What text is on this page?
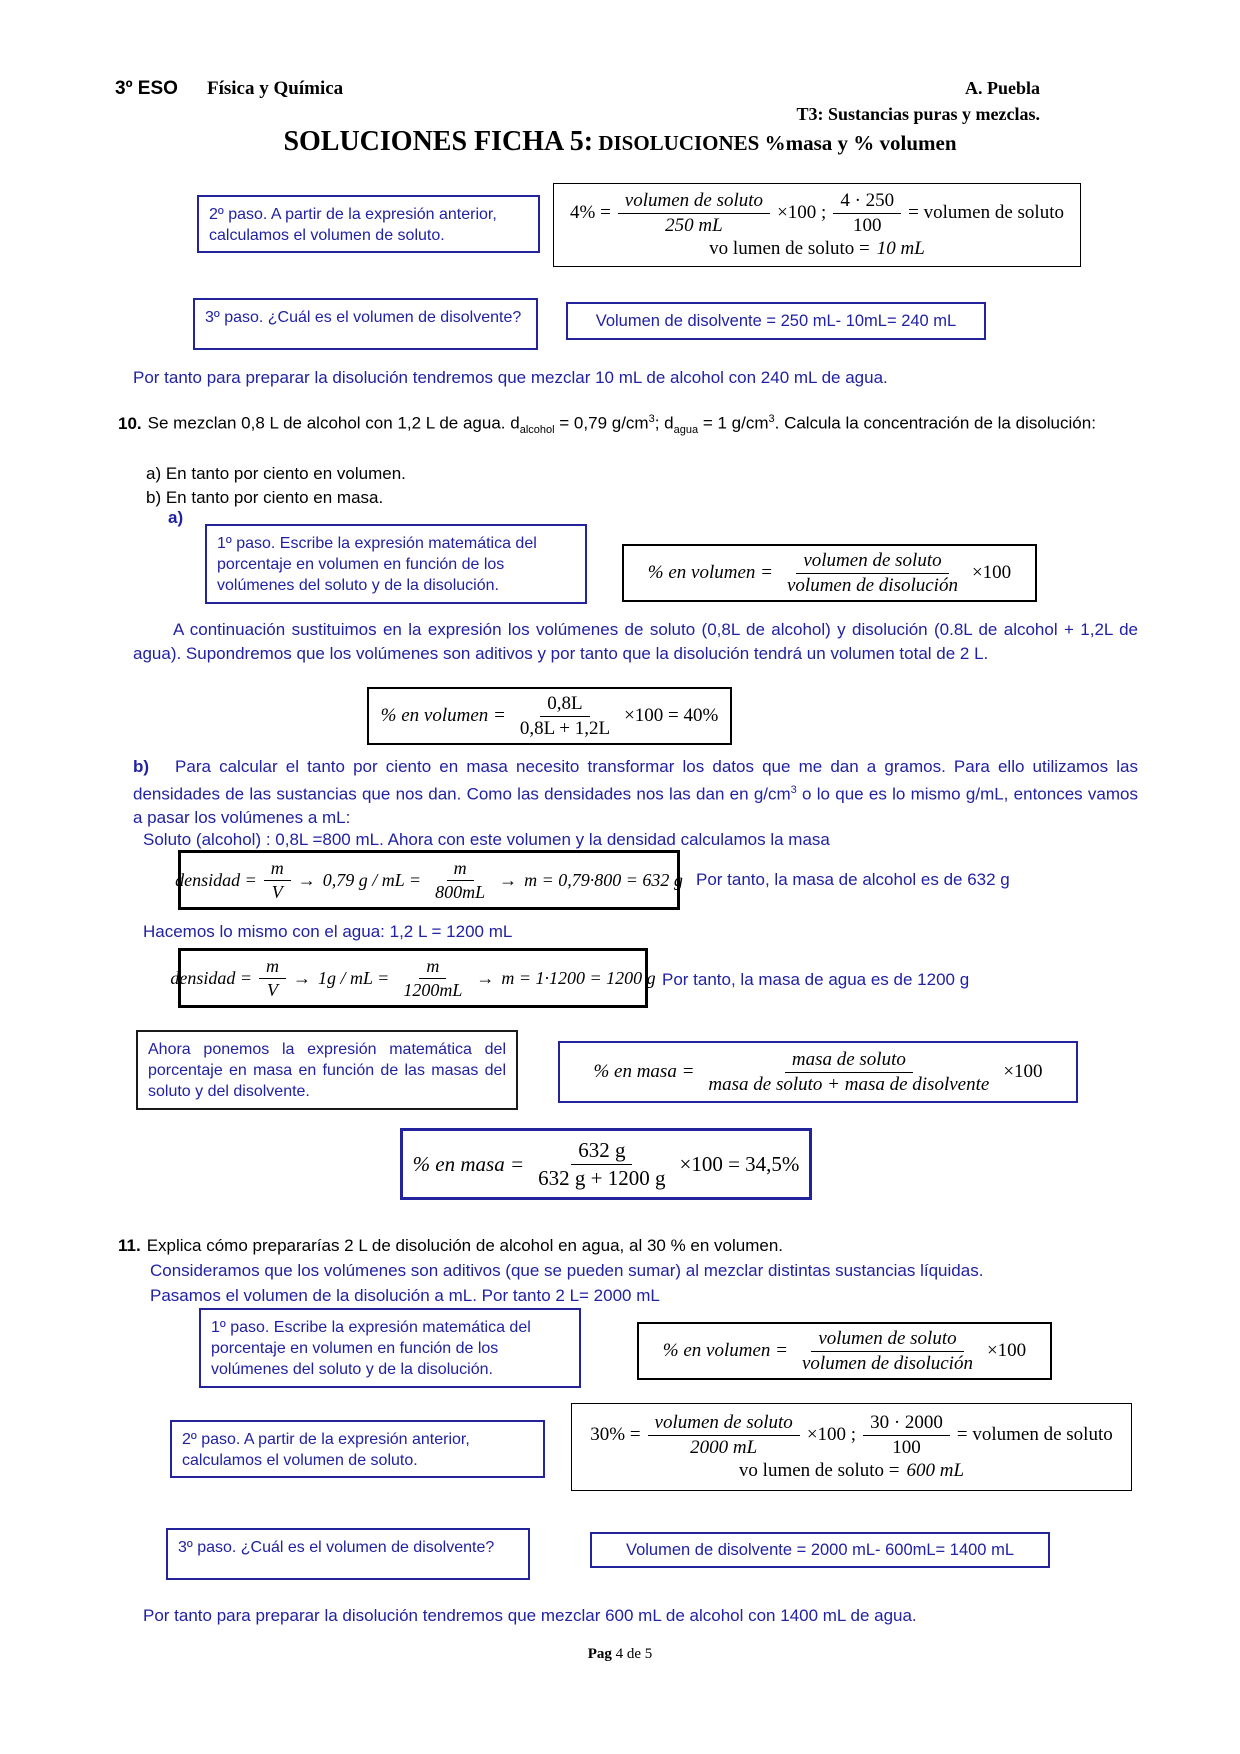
3º ESO Física y Química	A. Puebla
T3: Sustancias puras y mezclas.
SOLUCIONES FICHA 5: DISOLUCIONES %masa y % volumen
2º paso. A partir de la expresión anterior, calculamos el volumen de soluto.
$4\% = \frac{\text{volumen de soluto}}{250 mL} \times 100$ ; $\frac{4 \cdot 250}{100}$ = volumen de soluto
vo lumen de soluto = 10 mL
3º paso. ¿Cuál es el volumen de disolvente?	Volumen de disolvente = 250 mL- 10mL= 240 mL

Por tanto para preparar la disolución tendremos que mezclar 10 mL de alcohol con 240 mL de agua.

10. Se mezclan 0,8 L de alcohol con 1,2 L de agua. $d_{alcohol} = 0,79$ $g/cm^3$; $d_{agua} = 1$ $g/cm^3$. Calcula la concentración de la disolución:

a) En tanto por ciento en volumen.

b) En tanto por ciento en masa.

a)
1º paso. Escribe la expresión matemática del porcentaje en volumen en función de los volúmenes del soluto y de la disolución.
% en volumen = $\frac{\text{volumen de soluto}}{\text{volumen de disolución}} \times 100$

A continuación sustituimos en la expresión los volúmenes de soluto (0,8L de alcohol) y disolución (0.8L de alcohol + 1,2L de agua). Supondremos que los volúmenes son aditivos y por tanto que la disolución tendrá un volumen total de 2 L.

% en volumen = $\frac{0,8L}{0,8L + 1,2L} \times 100 = 40\%$

b) Para calcular el tanto por ciento en masa necesito transformar los datos que me dan a gramos. Para ello utilizamos las densidades de las sustancias que nos dan. Como las densidades nos las dan en $g/cm^3$ o lo que es lo mismo g/mL, entonces vamos a pasar los volúmenes a mL:

Soluto (alcohol) : 0,8L =800 mL. Ahora con este volumen y la densidad calculamos la masa

densidad = $\frac{m}{V} \to 0,79$ g / mL = $\frac{m}{800mL} \to m = 0,79\cdot 800 = 632$ g Por tanto, la masa de alcohol es de 632 g

Hacemos lo mismo con el agua: 1,2 L = 1200 mL

densidad = $\frac{m}{V} \to 1g$ / mL = $\frac{m}{1200mL} \to m = 1\cdot 1200 = 1200$ g Por tanto, la masa de agua es de 1200 g

Ahora ponemos la expresión matemática del porcentaje en masa en función de las masas del soluto y del disolvente.
% en masa = $\frac{\text{masa de soluto}}{\text{masa de soluto + masa de disolvente}} \times 100$
% en masa = $\frac{632 g}{632 g + 1200 g} \times 100 = 34,5\%$

11. Explica cómo prepararías 2 L de disolución de alcohol en agua, al 30 % en volumen.

Consideramos que los volúmenes son aditivos (que se pueden sumar) al mezclar distintas sustancias líquidas.

Pasamos el volumen de la disolución a mL. Por tanto 2 L= 2000 mL

1º paso. Escribe la expresión matemática del porcentaje en volumen en función de los volúmenes del soluto y de la disolución.
% en volumen = $\frac{\text{volumen de soluto}}{\text{volumen de disolución}} \times 100$
2º paso. A partir de la expresión anterior, calculamos el volumen de soluto.
$30\% = \frac{\text{volumen de soluto}}{2000 mL} \times 100$ ; $\frac{30 \cdot 2000}{100}$ = volumen de soluto
vo lumen de soluto = 600 mL
3º paso. ¿Cuál es el volumen de disolvente?	Volumen de disolvente = 2000 mL- 600mL= 1400 mL

Por tanto para preparar la disolución tendremos que mezclar 600 mL de alcohol con 1400 mL de agua.

Pag 4 de 5
